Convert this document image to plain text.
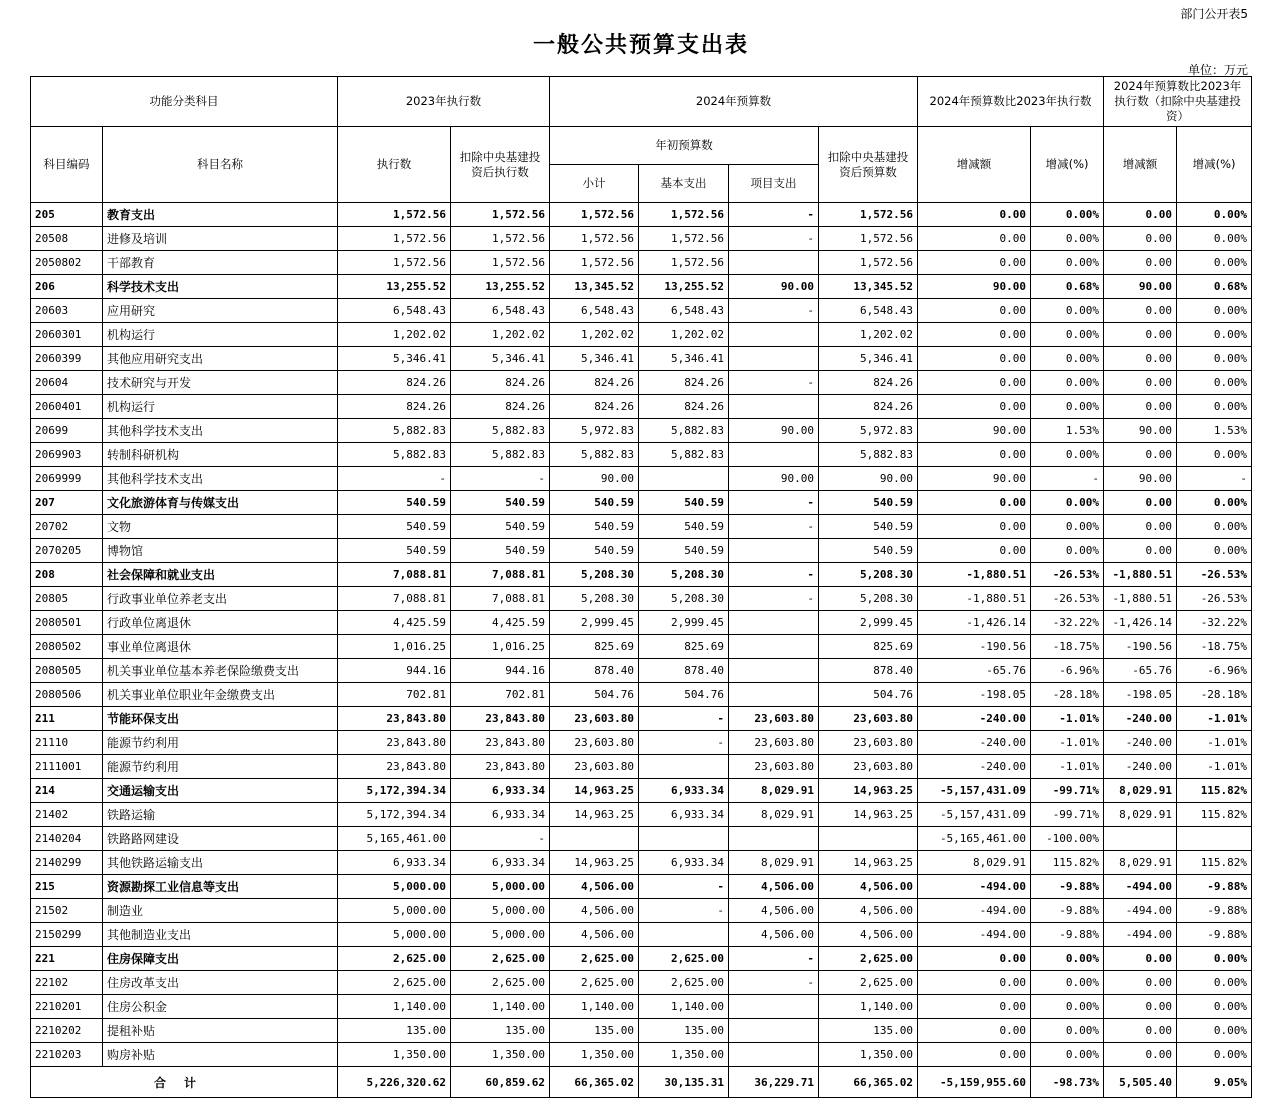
部门公开表5
一般公共预算支出表
单位：万元
功能分类科目		2023年执行数		2024年预算数				2024年预算数比2023年执行数		2024年预算数比2023年执行数（扣除中央基建投资）	
科目编码	科目名称	执行数	扣除中央基建投资后执行数	年初预算数			扣除中央基建投资后预算数	增减额	增减(%)	增减额	增减(%)
				小计	基本支出	项目支出					
205	教育支出	1,572.56	1,572.56	1,572.56	1,572.56	-	1,572.56	0.00	0.00%	0.00	0.00%
20508	进修及培训	1,572.56	1,572.56	1,572.56	1,572.56	-	1,572.56	0.00	0.00%	0.00	0.00%
2050802	干部教育	1,572.56	1,572.56	1,572.56	1,572.56		1,572.56	0.00	0.00%	0.00	0.00%
206	科学技术支出	13,255.52	13,255.52	13,345.52	13,255.52	90.00	13,345.52	90.00	0.68%	90.00	0.68%
20603	应用研究	6,548.43	6,548.43	6,548.43	6,548.43	-	6,548.43	0.00	0.00%	0.00	0.00%
2060301	机构运行	1,202.02	1,202.02	1,202.02	1,202.02		1,202.02	0.00	0.00%	0.00	0.00%
2060399	其他应用研究支出	5,346.41	5,346.41	5,346.41	5,346.41		5,346.41	0.00	0.00%	0.00	0.00%
20604	技术研究与开发	824.26	824.26	824.26	824.26	-	824.26	0.00	0.00%	0.00	0.00%
2060401	机构运行	824.26	824.26	824.26	824.26		824.26	0.00	0.00%	0.00	0.00%
20699	其他科学技术支出	5,882.83	5,882.83	5,972.83	5,882.83	90.00	5,972.83	90.00	1.53%	90.00	1.53%
2069903	转制科研机构	5,882.83	5,882.83	5,882.83	5,882.83		5,882.83	0.00	0.00%	0.00	0.00%
2069999	其他科学技术支出	-	-	90.00		90.00	90.00	90.00	-	90.00	-
207	文化旅游体育与传媒支出	540.59	540.59	540.59	540.59	-	540.59	0.00	0.00%	0.00	0.00%
20702	文物	540.59	540.59	540.59	540.59	-	540.59	0.00	0.00%	0.00	0.00%
2070205	博物馆	540.59	540.59	540.59	540.59		540.59	0.00	0.00%	0.00	0.00%
208	社会保障和就业支出	7,088.81	7,088.81	5,208.30	5,208.30	-	5,208.30	-1,880.51	-26.53%	-1,880.51	-26.53%
20805	行政事业单位养老支出	7,088.81	7,088.81	5,208.30	5,208.30	-	5,208.30	-1,880.51	-26.53%	-1,880.51	-26.53%
2080501	行政单位离退休	4,425.59	4,425.59	2,999.45	2,999.45		2,999.45	-1,426.14	-32.22%	-1,426.14	-32.22%
2080502	事业单位离退休	1,016.25	1,016.25	825.69	825.69		825.69	-190.56	-18.75%	-190.56	-18.75%
2080505	机关事业单位基本养老保险缴费支出	944.16	944.16	878.40	878.40		878.40	-65.76	-6.96%	-65.76	-6.96%
2080506	机关事业单位职业年金缴费支出	702.81	702.81	504.76	504.76		504.76	-198.05	-28.18%	-198.05	-28.18%
211	节能环保支出	23,843.80	23,843.80	23,603.80	-	23,603.80	23,603.80	-240.00	-1.01%	-240.00	-1.01%
21110	能源节约利用	23,843.80	23,843.80	23,603.80	-	23,603.80	23,603.80	-240.00	-1.01%	-240.00	-1.01%
2111001	能源节约利用	23,843.80	23,843.80	23,603.80		23,603.80	23,603.80	-240.00	-1.01%	-240.00	-1.01%
214	交通运输支出	5,172,394.34	6,933.34	14,963.25	6,933.34	8,029.91	14,963.25	-5,157,431.09	-99.71%	8,029.91	115.82%
21402	铁路运输	5,172,394.34	6,933.34	14,963.25	6,933.34	8,029.91	14,963.25	-5,157,431.09	-99.71%	8,029.91	115.82%
2140204	铁路路网建设	5,165,461.00	-					-5,165,461.00	-100.00%		
2140299	其他铁路运输支出	6,933.34	6,933.34	14,963.25	6,933.34	8,029.91	14,963.25	8,029.91	115.82%	8,029.91	115.82%
215	资源勘探工业信息等支出	5,000.00	5,000.00	4,506.00	-	4,506.00	4,506.00	-494.00	-9.88%	-494.00	-9.88%
21502	制造业	5,000.00	5,000.00	4,506.00	-	4,506.00	4,506.00	-494.00	-9.88%	-494.00	-9.88%
2150299	其他制造业支出	5,000.00	5,000.00	4,506.00		4,506.00	4,506.00	-494.00	-9.88%	-494.00	-9.88%
221	住房保障支出	2,625.00	2,625.00	2,625.00	2,625.00	-	2,625.00	0.00	0.00%	0.00	0.00%
22102	住房改革支出	2,625.00	2,625.00	2,625.00	2,625.00	-	2,625.00	0.00	0.00%	0.00	0.00%
2210201	住房公积金	1,140.00	1,140.00	1,140.00	1,140.00		1,140.00	0.00	0.00%	0.00	0.00%
2210202	提租补贴	135.00	135.00	135.00	135.00		135.00	0.00	0.00%	0.00	0.00%
2210203	购房补贴	1,350.00	1,350.00	1,350.00	1,350.00		1,350.00	0.00	0.00%	0.00	0.00%
合计		5,226,320.62	60,859.62	66,365.02	30,135.31	36,229.71	66,365.02	-5,159,955.60	-98.73%	5,505.40	9.05%
